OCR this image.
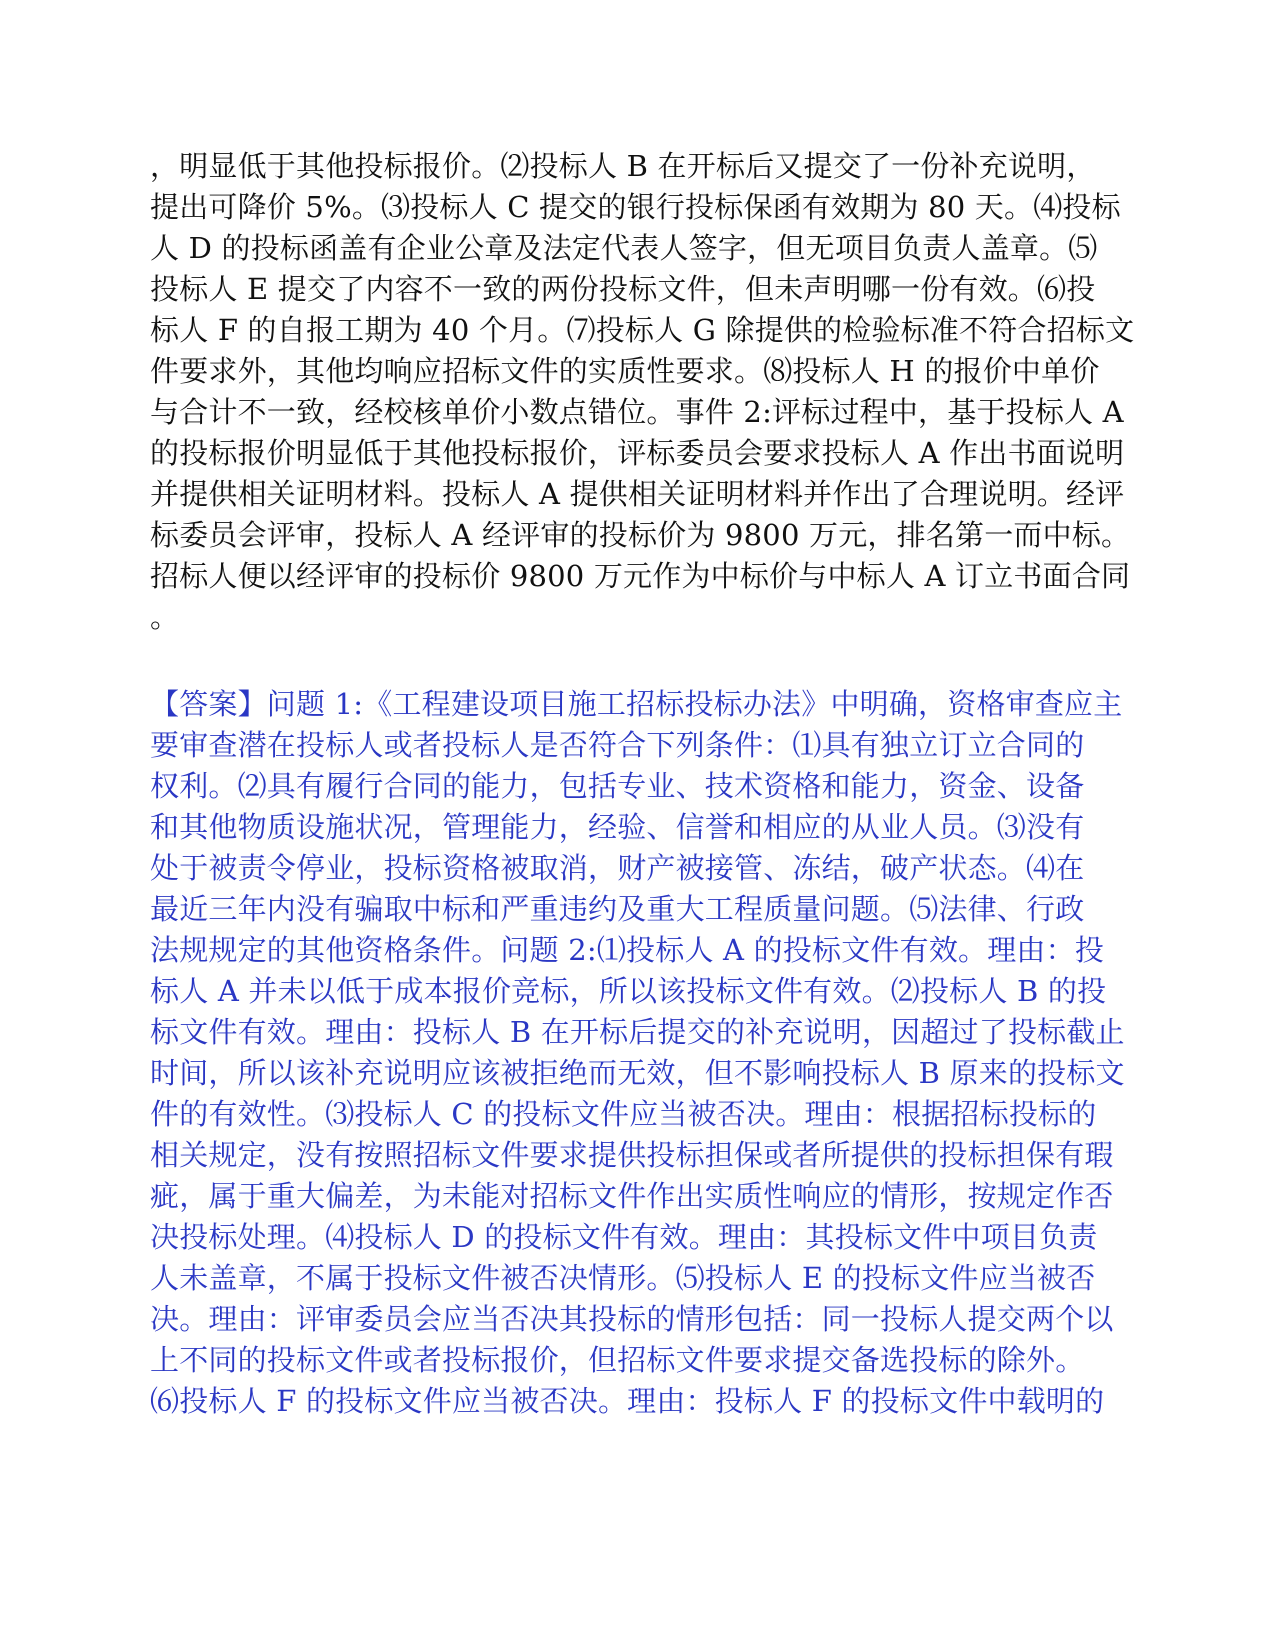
，明显低于其他投标报价。⑵投标人 B 在开标后又提交了一份补充说明，
提出可降价 5%。⑶投标人 C 提交的银行投标保函有效期为 80 天。⑷投标
人 D 的投标函盖有企业公章及法定代表人签字，但无项目负责人盖章。⑸
投标人 E 提交了内容不一致的两份投标文件，但未声明哪一份有效。⑹投
标人 F 的自报工期为 40 个月。⑺投标人 G 除提供的检验标准不符合招标文
件要求外，其他均响应招标文件的实质性要求。⑻投标人 H 的报价中单价
与合计不一致，经校核单价小数点错位。事件 2:评标过程中，基于投标人 A
的投标报价明显低于其他投标报价，评标委员会要求投标人 A 作出书面说明
并提供相关证明材料。投标人 A 提供相关证明材料并作出了合理说明。经评
标委员会评审，投标人 A 经评审的投标价为 9800 万元，排名第一而中标。
招标人便以经评审的投标价 9800 万元作为中标价与中标人 A 订立书面合同
。
【答案】问题 1:《工程建设项目施工招标投标办法》中明确，资格审查应主
要审查潜在投标人或者投标人是否符合下列条件：⑴具有独立订立合同的
权利。⑵具有履行合同的能力，包括专业、技术资格和能力，资金、设备
和其他物质设施状况，管理能力，经验、信誉和相应的从业人员。⑶没有
处于被责令停业，投标资格被取消，财产被接管、冻结，破产状态。⑷在
最近三年内没有骗取中标和严重违约及重大工程质量问题。⑸法律、行政
法规规定的其他资格条件。问题 2:⑴投标人 A 的投标文件有效。理由：投
标人 A 并未以低于成本报价竞标，所以该投标文件有效。⑵投标人 B 的投
标文件有效。理由：投标人 B 在开标后提交的补充说明，因超过了投标截止
时间，所以该补充说明应该被拒绝而无效，但不影响投标人 B 原来的投标文
件的有效性。⑶投标人 C 的投标文件应当被否决。理由：根据招标投标的
相关规定，没有按照招标文件要求提供投标担保或者所提供的投标担保有瑕
疵，属于重大偏差，为未能对招标文件作出实质性响应的情形，按规定作否
决投标处理。⑷投标人 D 的投标文件有效。理由：其投标文件中项目负责
人未盖章，不属于投标文件被否决情形。⑸投标人 E 的投标文件应当被否
决。理由：评审委员会应当否决其投标的情形包括：同一投标人提交两个以
上不同的投标文件或者投标报价，但招标文件要求提交备选投标的除外。
⑹投标人 F 的投标文件应当被否决。理由：投标人 F 的投标文件中载明的
